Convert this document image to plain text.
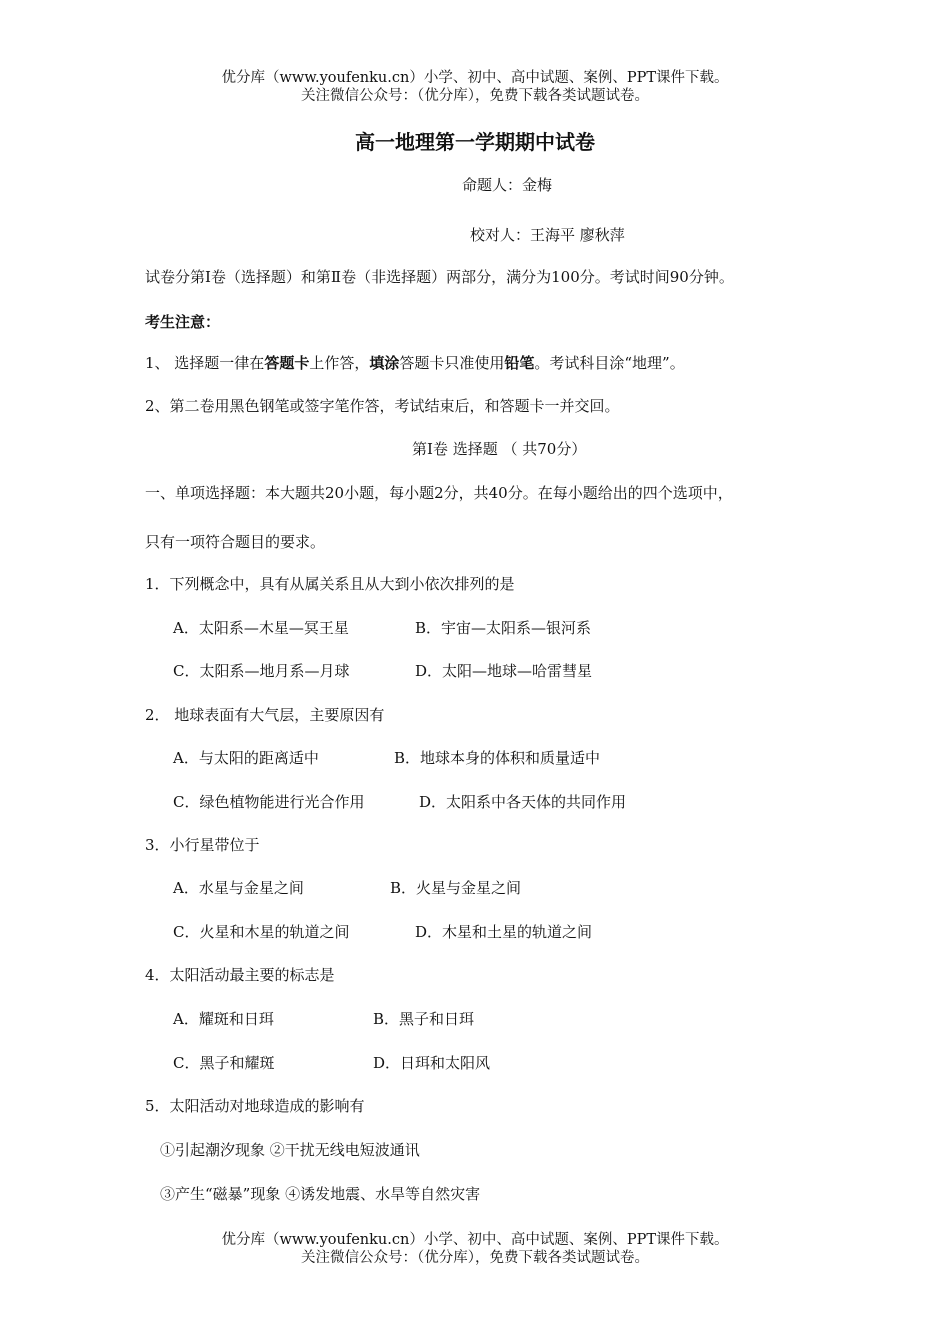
优分库（www.youfenku.cn）小学、初中、高中试题、案例、PPT课件下载。
关注微信公众号：（优分库），免费下载各类试题试卷。
高一地理第一学期期中试卷
命题人：金梅
校对人：王海平 廖秋萍
试卷分第Ⅰ卷（选择题）和第Ⅱ卷（非选择题）两部分，满分为100分。考试时间90分钟。
考生注意：
1、 选择题一律在答题卡上作答，填涂答题卡只准使用铅笔。考试科目涂“地理”。
2、第二卷用黑色钢笔或签字笔作答，考试结束后，和答题卡一并交回。
第Ⅰ卷 选择题 （ 共70分）
一、单项选择题：本大题共20小题，每小题2分，共40分。在每小题给出的四个选项中，
只有一项符合题目的要求。
1．下列概念中，具有从属关系且从大到小依次排列的是
A．太阳系—木星—冥王星	B．宇宙—太阳系—银河系
C．太阳系—地月系—月球	D．太阳—地球—哈雷彗星
2． 地球表面有大气层，主要原因有
A．与太阳的距离适中	B．地球本身的体积和质量适中
C．绿色植物能进行光合作用	D．太阳系中各天体的共同作用
3．小行星带位于
A．水星与金星之间	B．火星与金星之间
C．火星和木星的轨道之间	D．木星和土星的轨道之间
4．太阳活动最主要的标志是
A．耀斑和日珥	B．黑子和日珥
C．黑子和耀斑	D．日珥和太阳风
5．太阳活动对地球造成的影响有
①引起潮汐现象 ②干扰无线电短波通讯
③产生“磁暴”现象 ④诱发地震、水旱等自然灾害
优分库（www.youfenku.cn）小学、初中、高中试题、案例、PPT课件下载。
关注微信公众号：（优分库），免费下载各类试题试卷。
